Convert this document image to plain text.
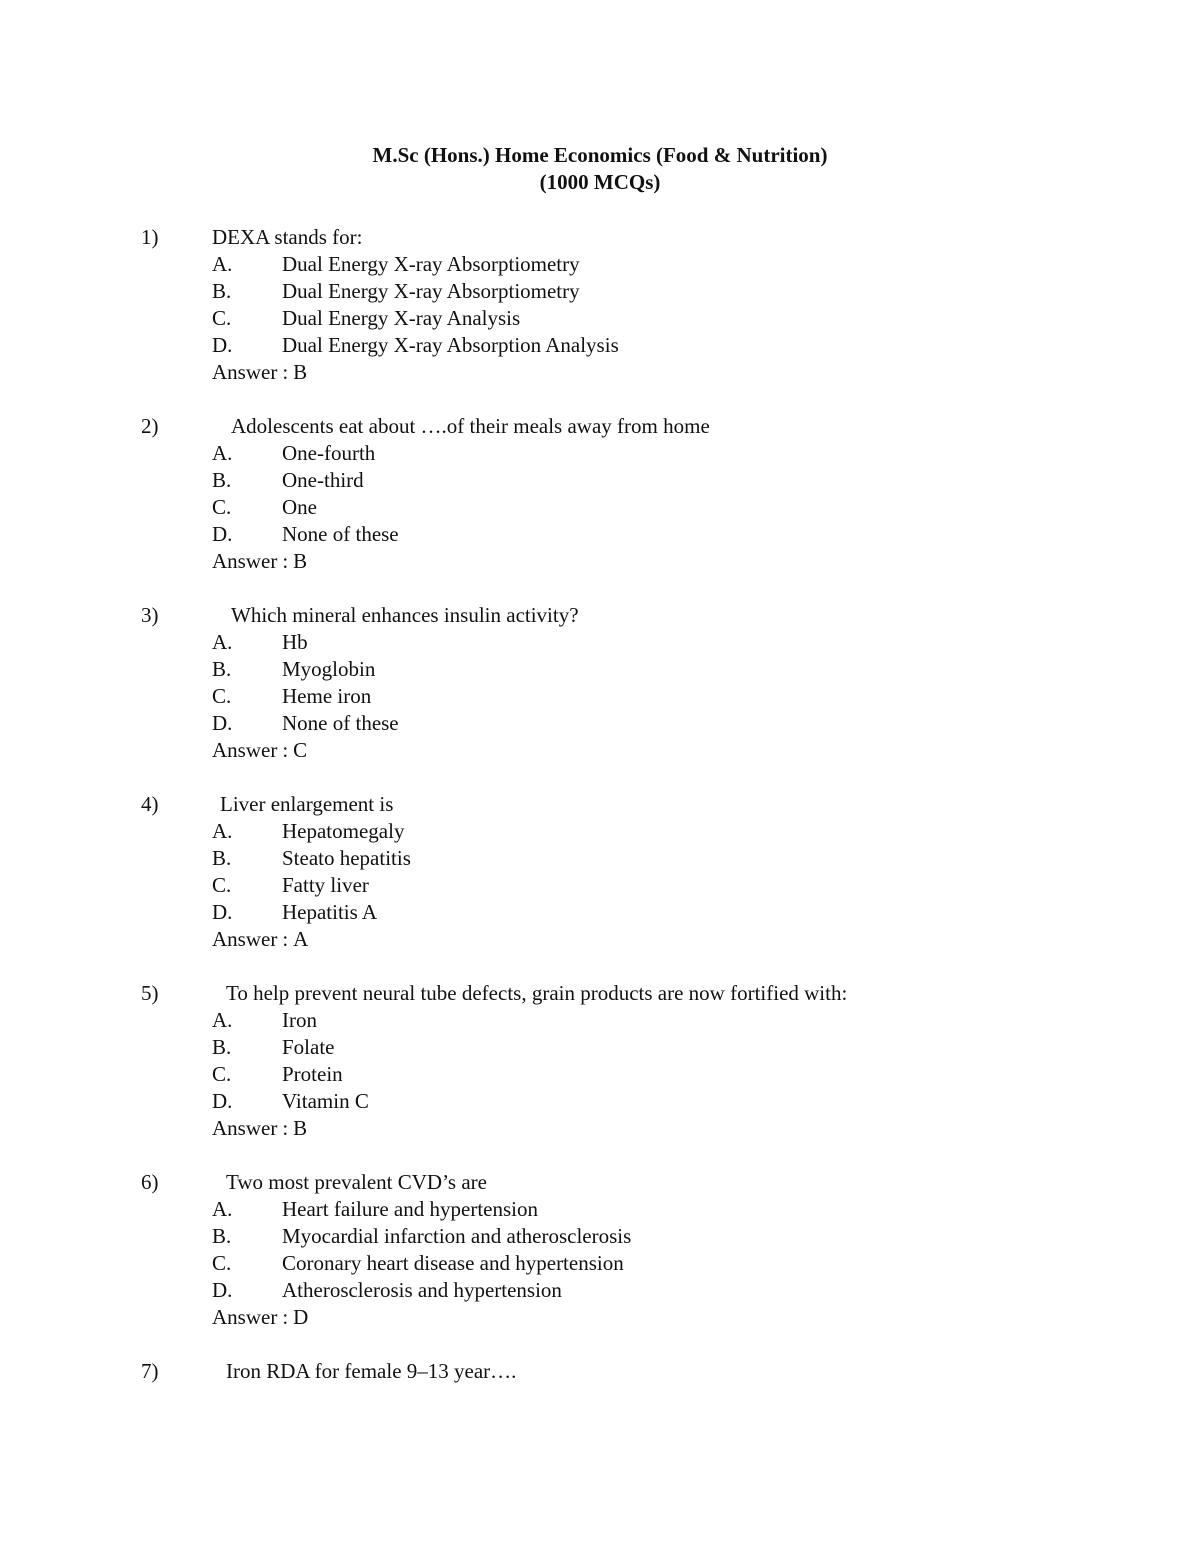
M.Sc (Hons.) Home Economics (Food & Nutrition)
(1000 MCQs)
1)	DEXA stands for:
A. Dual Energy X-ray Absorptiometry
B. Dual Energy X-ray Absorptiometry
C. Dual Energy X-ray Analysis
D. Dual Energy X-ray Absorption Analysis
Answer : B
2)	Adolescents eat about ….of their meals away from home
A. One-fourth
B. One-third
C. One
D. None of these
Answer : B
3)	Which mineral enhances insulin activity?
A. Hb
B. Myoglobin
C. Heme iron
D. None of these
Answer : C
4)	Liver enlargement is
A. Hepatomegaly
B. Steato hepatitis
C. Fatty liver
D. Hepatitis A
Answer : A
5)	To help prevent neural tube defects, grain products are now fortified with:
A. Iron
B. Folate
C. Protein
D. Vitamin C
Answer : B
6)	Two most prevalent CVD’s are
A. Heart failure and hypertension
B. Myocardial infarction and atherosclerosis
C. Coronary heart disease and hypertension
D. Atherosclerosis and hypertension
Answer : D
7)	Iron RDA for female 9–13 year….
